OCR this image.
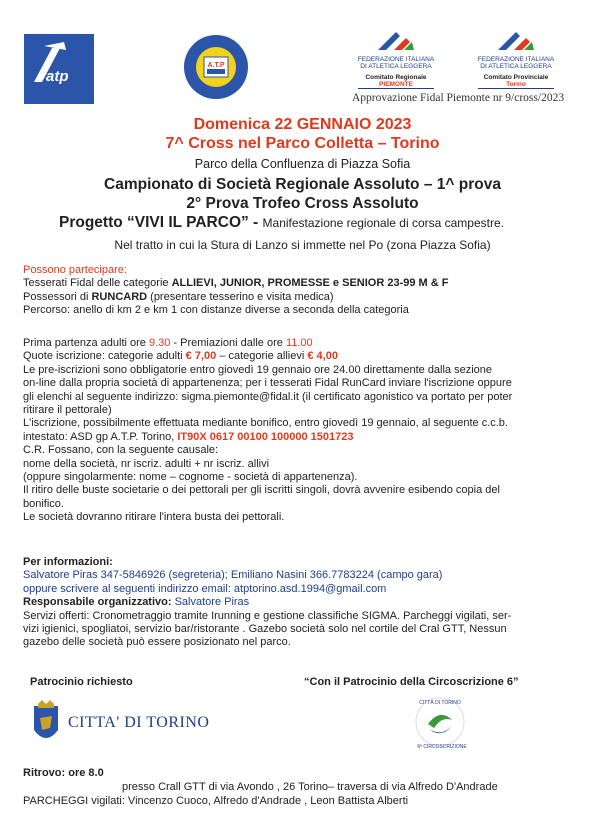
atp
A.T.P
FEDERAZIONE ITALIANA
DI ATLETICA LEGGERA
Comitato Regionale PIEMONTE
FEDERAZIONE ITALIANA
DI ATLETICA LEGGERA
Comitato Provinciale Torino
Approvazione Fidal Piemonte nr 9/cross/2023
Domenica 22 GENNAIO 2023
7^ Cross nel Parco Colletta – Torino
Parco della Confluenza di Piazza Sofia
Campionato di Società Regionale Assoluto – 1^ prova
2° Prova Trofeo Cross Assoluto
Progetto “VIVI IL PARCO” - Manifestazione regionale di corsa campestre.
Nel tratto in cui la Stura di Lanzo si immette nel Po (zona Piazza Sofia)
Possono partecipare:
Tesserati Fidal delle categorie ALLIEVI, JUNIOR, PROMESSE e SENIOR 23-99 M & F
Possessori di RUNCARD (presentare tesserino e visita medica)
Percorso: anello di km 2 e km 1 con distanze diverse a seconda della categoria
Prima partenza adulti ore 9.30 - Premiazioni dalle ore 11.00
Quote iscrizione: categorie adulti € 7,00 – categorie allievi € 4,00
Le pre-iscrizioni sono obbligatorie entro giovedì 19 gennaio ore 24.00 direttamente dalla sezione
on-line dalla propria società di appartenenza; per i tesserati Fidal RunCard inviare l'iscrizione oppure
gli elenchi al seguente indirizzo: sigma.piemonte@fidal.it (il certificato agonistico va portato per poter
ritirare il pettorale)
L'iscrizione, possibilmente effettuata mediante bonifico, entro giovedì 19 gennaio, al seguente c.c.b.
intestato: ASD gp A.T.P. Torino, IT90X 0617 00100 100000 1501723
C.R. Fossano, con la seguente causale:
nome della società, nr iscriz. adulti + nr iscriz. allivi
(oppure singolarmente: nome – cognome - società di appartenenza).
Il ritiro delle buste societarie o dei pettorali per gli iscritti singoli, dovrà avvenire esibendo copia del
bonifico.
Le società dovranno ritirare l'intera busta dei pettorali.
Per informazioni:
Salvatore Piras 347-5846926 (segreteria); Emiliano Nasini 366.7783224 (campo gara)
oppure scrivere al seguenti indirizzo email: atptorino.asd.1994@gmail.com
Responsabile organizzativo: Salvatore Piras
Servizi offerti: Cronometraggio tramite Irunning e gestione classifiche SIGMA. Parcheggi vigilati, ser-
vizi igienici, spogliatoi, servizio bar/ristorante . Gazebo società solo nel cortile del Cral GTT, Nessun
gazebo delle società può essere posizionato nel parco.
Patrocinio richiesto	“Con il Patrocinio della Circoscrizione 6”
CITTA' DI TORINO
CITTÀ DI TORINO
6ª CIRCOSCRIZIONE
Ritrovo: ore 8.0
presso Crall GTT di via Avondo , 26 Torino– traversa di via Alfredo D'Andrade
PARCHEGGI vigilati: Vincenzo Cuoco, Alfredo d'Andrade , Leon Battista Alberti
